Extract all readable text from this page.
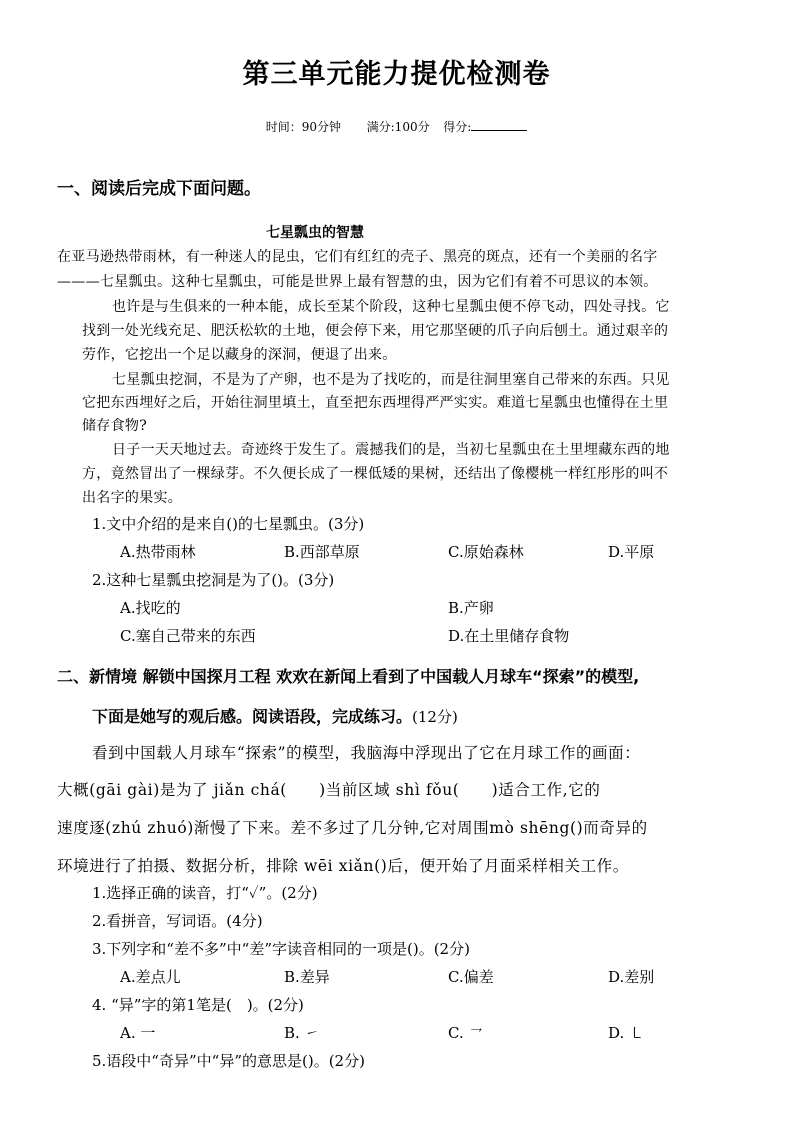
第三单元能力提优检测卷
时间：90分钟 满分:100分 得分:
一、阅读后完成下面问题。
七星瓢虫的智慧
在亚马逊热带雨林，有一种迷人的昆虫，它们有红红的壳子、黑亮的斑点，还有一个美丽的名字
———七星瓢虫。这种七星瓢虫，可能是世界上最有智慧的虫，因为它们有着不可思议的本领。
也许是与生俱来的一种本能，成长至某个阶段，这种七星瓢虫便不停飞动，四处寻找。它
找到一处光线充足、肥沃松软的土地，便会停下来，用它那坚硬的爪子向后刨土。通过艰辛的
劳作，它挖出一个足以藏身的深洞，便退了出来。
七星瓢虫挖洞，不是为了产卵，也不是为了找吃的，而是往洞里塞自己带来的东西。只见
它把东西埋好之后，开始往洞里填土，直至把东西埋得严严实实。难道七星瓢虫也懂得在土里
储存食物?
日子一天天地过去。奇迹终于发生了。震撼我们的是，当初七星瓢虫在土里埋藏东西的地
方，竟然冒出了一棵绿芽。不久便长成了一棵低矮的果树，还结出了像樱桃一样红彤彤的叫不
出名字的果实。
1.文中介绍的是来自()的七星瓢虫。(3分)
A.热带雨林	B.西部草原	C.原始森林	D.平原
2.这种七星瓢虫挖洞是为了()。(3分)
A.找吃的	B.产卵
C.塞自己带来的东西	D.在土里储存食物
二、新情境 解锁中国探月工程 欢欢在新闻上看到了中国载人月球车“探索”的模型,
下面是她写的观后感。阅读语段，完成练习。(12分)
看到中国载人月球车“探索”的模型，我脑海中浮现出了它在月球工作的画面：
大概(gāi gài)是为了 jiǎn chá(　　)当前区域 shì fǒu(　　)适合工作,它的
速度逐(zhú zhuó)渐慢了下来。差不多过了几分钟,它对周围mò shēng()而奇异的
环境进行了拍摄、数据分析，排除 wēi xiǎn()后，便开始了月面采样相关工作。
1.选择正确的读音，打“✓”。(2分)
2.看拼音，写词语。(4分)
3.下列字和“差不多”中“差”字读音相同的一项是()。(2分)
A.差点儿	B.差异	C.偏差	D.差别
4. “异”字的第1笔是(　)。(2分)
A. 一	B. ㇀	C. ㇖	D. ㇄
5.语段中“奇异”中“异”的意思是()。(2分)
